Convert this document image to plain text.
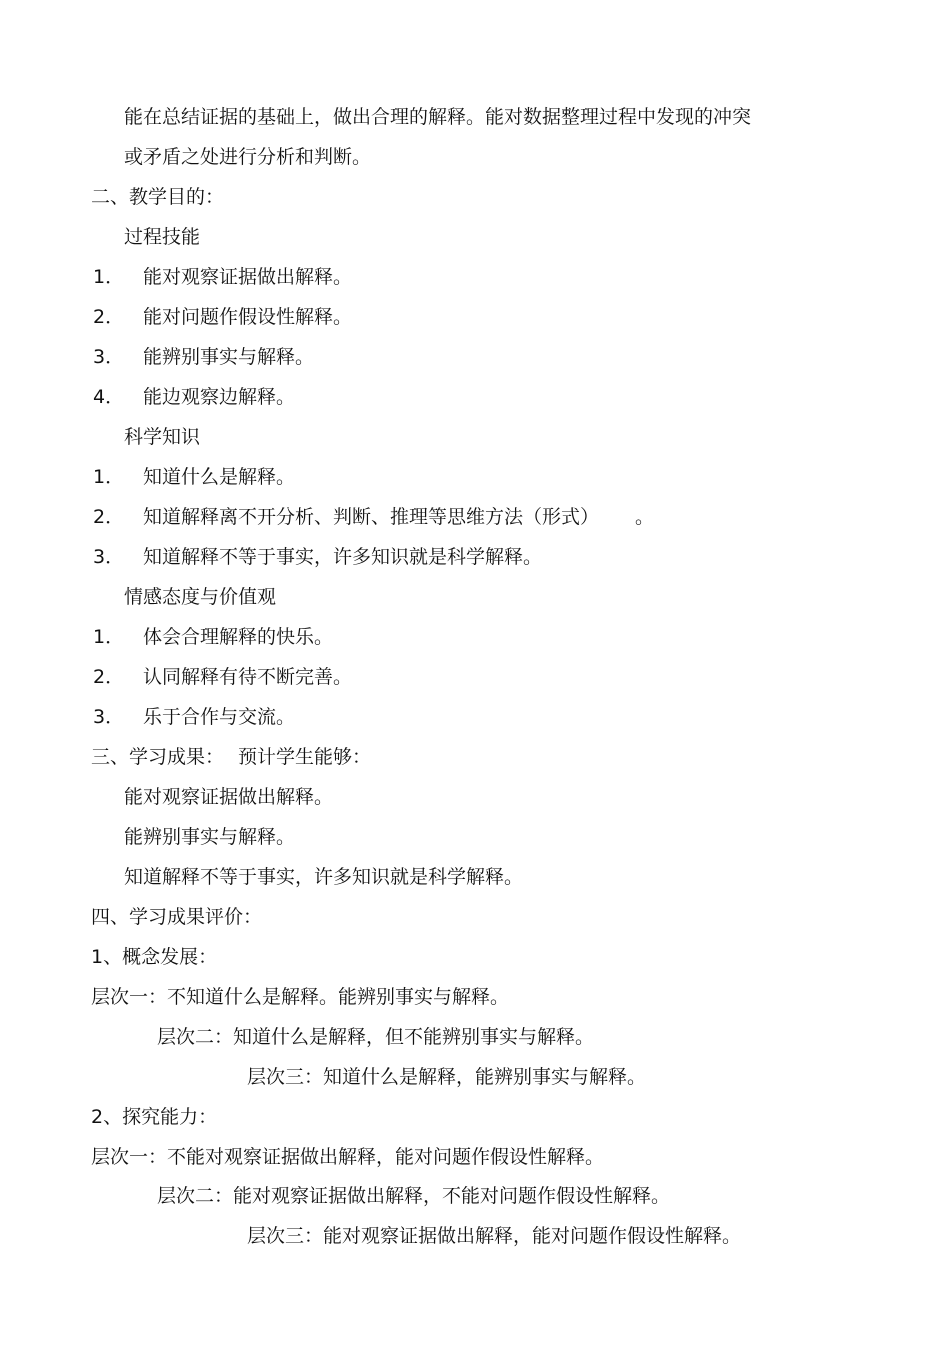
能在总结证据的基础上，做出合理的解释。能对数据整理过程中发现的冲突
或矛盾之处进行分析和判断。
二、教学目的：
过程技能
1． 能对观察证据做出解释。
2． 能对问题作假设性解释。
3． 能辨别事实与解释。
4． 能边观察边解释。
科学知识
1． 知道什么是解释。
2． 知道解释离不开分析、判断、推理等思维方法（形式） 。
3． 知道解释不等于事实，许多知识就是科学解释。
情感态度与价值观
1． 体会合理解释的快乐。
2． 认同解释有待不断完善。
3． 乐于合作与交流。
三、学习成果： 预计学生能够：
能对观察证据做出解释。
能辨别事实与解释。
知道解释不等于事实，许多知识就是科学解释。
四、学习成果评价：
1、概念发展：
层次一：不知道什么是解释。能辨别事实与解释。
层次二：知道什么是解释，但不能辨别事实与解释。
层次三：知道什么是解释，能辨别事实与解释。
2、探究能力：
层次一：不能对观察证据做出解释，能对问题作假设性解释。
层次二：能对观察证据做出解释，不能对问题作假设性解释。
层次三：能对观察证据做出解释，能对问题作假设性解释。
